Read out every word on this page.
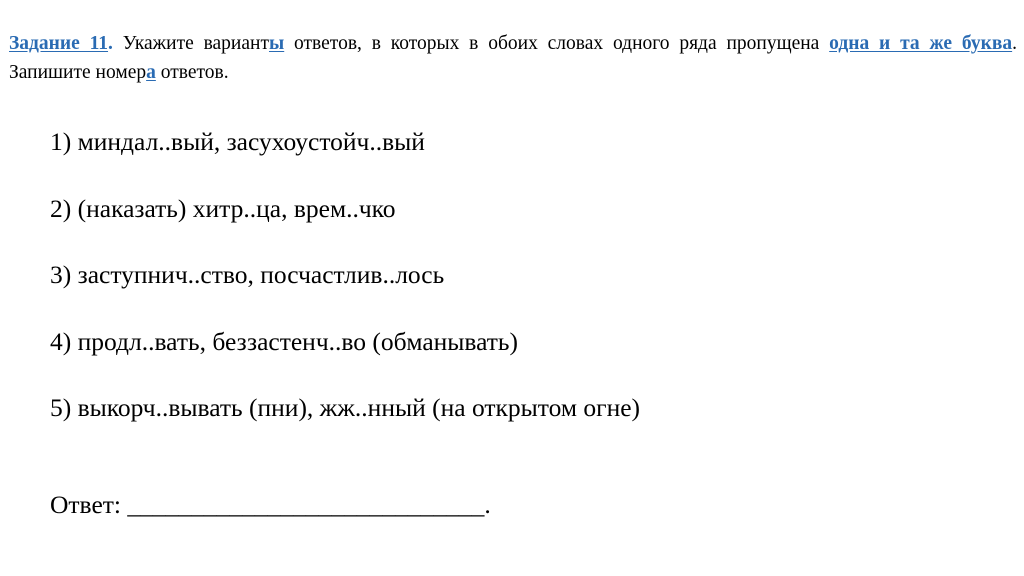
Задание 11. Укажите варианты ответов, в которых в обоих словах одного ряда пропущена одна и та же буква. Запишите номера ответов.
1) миндал..вый, засухоустойч..вый
2) (наказать) хитр..ца, врем..чко
3) заступнич..ство, посчастлив..лось
4) продл..вать, беззастенч..во (обманывать)
5) выкорч..вывать (пни), жж..нный (на открытом огне)
Ответ: ____________________________.
